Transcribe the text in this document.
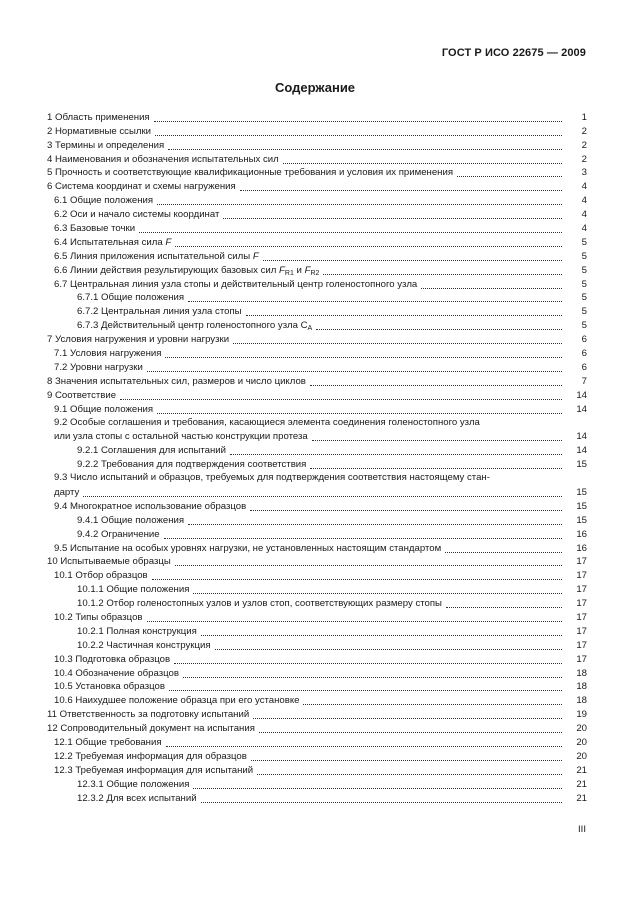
ГОСТ Р ИСО 22675 — 2009
Содержание
1 Область применения	1
2 Нормативные ссылки	2
3 Термины и определения	2
4 Наименования и обозначения испытательных сил	2
5 Прочность и соответствующие квалификационные требования и условия их применения	3
6 Система координат и схемы нагружения	4
6.1 Общие положения	4
6.2 Оси и начало системы координат	4
6.3 Базовые точки	4
6.4 Испытательная сила F	5
6.5 Линия приложения испытательной силы F	5
6.6 Линии действия результирующих базовых сил $F_{R1}$ и $F_{R2}$	5
6.7 Центральная линия узла стопы и действительный центр голеностопного узла	5
6.7.1 Общие положения	5
6.7.2 Центральная линия узла стопы	5
6.7.3 Действительный центр голеностопного узла $C_A$	5
7 Условия нагружения и уровни нагрузки	6
7.1 Условия нагружения	6
7.2 Уровни нагрузки	6
8 Значения испытательных сил, размеров и число циклов	7
9 Соответствие	14
9.1 Общие положения	14
9.2 Особые соглашения и требования, касающиеся элемента соединения голеностопного узла
или узла стопы с остальной частью конструкции протеза	14
9.2.1 Соглашения для испытаний	14
9.2.2 Требования для подтверждения соответствия	15
9.3 Число испытаний и образцов, требуемых для подтверждения соответствия настоящему стан-
дарту	15
9.4 Многократное использование образцов	15
9.4.1 Общие положения	15
9.4.2 Ограничение	16
9.5 Испытание на особых уровнях нагрузки, не установленных настоящим стандартом	16
10 Испытываемые образцы	17
10.1 Отбор образцов	17
10.1.1 Общие положения	17
10.1.2 Отбор голеностопных узлов и узлов стоп, соответствующих размеру стопы	17
10.2 Типы образцов	17
10.2.1 Полная конструкция	17
10.2.2 Частичная конструкция	17
10.3 Подготовка образцов	17
10.4 Обозначение образцов	18
10.5 Установка образцов	18
10.6 Наихудшее положение образца при его установке	18
11 Ответственность за подготовку испытаний	19
12 Сопроводительный документ на испытания	20
12.1 Общие требования	20
12.2 Требуемая информация для образцов	20
12.3 Требуемая информация для испытаний	21
12.3.1 Общие положения	21
12.3.2 Для всех испытаний	21
III
